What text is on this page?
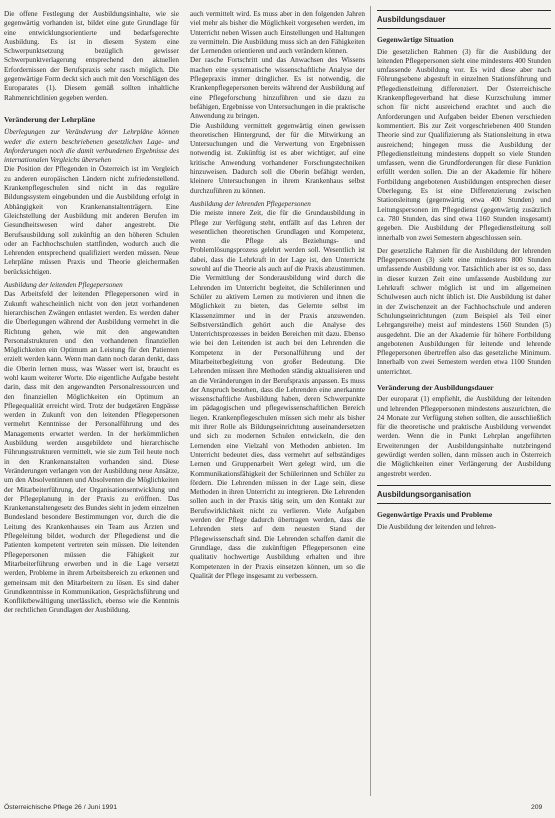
Die offene Festlegung der Ausbildungsinhalte, wie sie gegenwärtig vorhanden ist, bildet eine gute Grundlage für eine entwicklungsorientierte und bedarfsgerechte Ausbildung. Es ist in diesem System eine Schwerpunktsetzung bezüglich gewisser Schwerpunktverlagerung entsprechend den aktuellen Erfordernissen der Berufspraxis sehr rasch möglich. Die gegenwärtige Form deckt sich auch mit den Vorschlägen des Europarates (1). Diesem gemäß sollten inhaltliche Rahmenrichtlinien gegeben werden.

Veränderung der Lehrpläne

Überlegungen zur Veränderung der Lehrpläne können weder die extern beschriebenen gesetzlichen Lage- und Anforderungen noch die damit verbundenen Ergebnisse des internationalen Vergleichs übersehen

Die Position der Pflegenden in Österreich ist im Vergleich zu anderen europäischen Ländern nicht zufriedenstellend. Krankenpflegeschulen sind nicht in das reguläre Bildungssystem eingebunden und die Ausbildung erfolgt in Abhängigkeit von Krankenanstaltenträgern. Eine Gleichstellung der Ausbildung mit anderen Berufen im Gesundheitswesen wird daher angestrebt. Die Berufsausbildung soll zukünftig an den höheren Schulen oder an Fachhochschulen stattfinden, wodurch auch die Lehrenden entsprechend qualifiziert werden müssen. Neue Lehrpläne müssen Praxis und Theorie gleichermaßen berücksichtigen.

Ausbildung der leitenden Pflegepersonen

Das Arbeitsfeld der leitenden Pflegepersonen wird in Zukunft wahrscheinlich nicht von den jetzt vorhandenen hierarchischen Zwängen entlastet werden. Es werden daher die Überlegungen während der Ausbildung vermehrt in die Richtung gehen, wie mit den angewandten Personalstrukturen und den vorhandenen finanziellen Möglichkeiten ein Optimum an Leistung für den Patienten erzielt werden kann. Wenn man dann noch daran denkt, dass die Oberin lernen muss, was Wasser wert ist, braucht es wohl kaum weiterer Worte. Die eigentliche Aufgabe besteht darin, dass mit den angewandten Personalressourcen und den finanziellen Möglichkeiten ein Optimum an Pflegequalität erreicht wird. Trotz der budgetären Engpässe werden in Zukunft von den leitenden Pflegepersonen vermehrt Kenntnisse der Personalführung und des Managements erwartet werden. In der herkömmlichen Ausbildung werden ausgebildete und hierarchische Führungsstrukturen vermittelt, wie sie zum Teil heute noch in den Krankenanstalten vorhanden sind. Diese Veränderungen verlangen von der Ausbildung neue Ansätze, um den Absolventinnen und Absolventen die Möglichkeiten der Mitarbeiterführung, der Organisationsentwicklung und der Pflegeplanung in der Praxis zu eröffnen. Das Krankenanstaltengesetz des Bundes sieht in jedem einzelnen Bundesland besondere Bestimmungen vor, durch die die Leitung des Krankenhauses ein Team aus Ärzten und Pflegeleitung bildet, wodurch der Pflegedienst und die Patienten kompetent vertreten sein müssen. Die leitenden Pflegepersonen müssen die Fähigkeit zur Mitarbeiterführung erwerben und in die Lage versetzt werden, Probleme in ihrem Arbeitsbereich zu erkennen und gemeinsam mit den Mitarbeitern zu lösen. Es sind daher Grundkenntnisse in Kommunikation, Gesprächsführung und Konfliktbewältigung unerlässlich, ebenso wie die Kenntnis der rechtlichen Grundlagen der Ausbildung.

auch vermittelt wird. Es muss aber in den folgenden Jahren viel mehr als bisher die Möglichkeit vorgesehen werden, im Unterricht neben Wissen auch Einstellungen und Haltungen zu vermitteln. Die Ausbildung muss sich an den Fähigkeiten der Lernenden orientieren und auch verändern können.

Der rasche Fortschritt und das Anwachsen des Wissens machen eine systematische wissenschaftliche Analyse der Pflegepraxis immer dringlicher. Es ist notwendig, die Krankenpflegepersonen bereits während der Ausbildung auf eine Pflegeforschung hinzuführen und sie dazu zu befähigen, Ergebnisse von Untersuchungen in die praktische Anwendung zu bringen.

Die Ausbildung vermittelt gegenwärtig einen gewissen theoretischen Hintergrund, der für die Mitwirkung an Untersuchungen und die Verwertung von Ergebnissen notwendig ist. Zukünftig ist es aber wichtiger, auf eine kritische Anwendung vorhandener Forschungstechniken hinzuweisen. Dadurch soll die Oberin befähigt werden, kleinere Untersuchungen in ihrem Krankenhaus selbst durchzuführen zu können.

Ausbildung der lehrenden Pflegepersonen

Die meiste innere Zeit, die für die Grundausbildung in Pflege zur Verfügung steht, entfällt auf das Lehren der wesentlichen theoretischen Grundlagen und Kompetenz, wenn die Pflege als Beziehungs- und Problemlösungsprozess gelehrt werden soll. Wesentlich ist dabei, dass die Lehrkraft in der Lage ist, den Unterricht sowohl auf die Theorie als auch auf die Praxis abzustimmen. Die Vermittlung der Sonderausbildung wird durch die Lehrenden im Unterricht begleitet, die Schülerinnen und Schüler zu aktivem Lernen zu motivieren und ihnen die Möglichkeit zu bieten, das Gelernte selbst im Klassenzimmer und in der Praxis anzuwenden. Selbstverständlich gehört auch die Analyse des Unterrichtsprozesses in beiden Bereichen mit dazu. Ebenso wie bei den Leitenden ist auch bei den Lehrenden die Kompetenz in der Personalführung und der Mitarbeiterbegleitung von großer Bedeutung. Die Lehrenden müssen ihre Methoden ständig aktualisieren und an die Veränderungen in der Berufspraxis anpassen. Es muss der Anspruch bestehen, dass die Lehrenden eine anerkannte wissenschaftliche Ausbildung haben, deren Schwerpunkte im pädagogischen und pflegewissenschaftlichen Bereich liegen. Krankenpflegeschulen müssen sich mehr als bisher mit ihrer Rolle als Bildungseinrichtung auseinandersetzen und sich zu modernen Schulen entwickeln, die den Lernenden eine Vielzahl von Methoden anbieten. Im Unterricht bedeutet dies, dass vermehrt auf selbständiges Lernen und Gruppenarbeit Wert gelegt wird, um die Kommunikationsfähigkeit der Schülerinnen und Schüler zu fördern. Die Lehrenden müssen in der Lage sein, diese Methoden in ihren Unterricht zu integrieren. Die Lehrenden sollen auch in der Praxis tätig sein, um den Kontakt zur Berufswirklichkeit nicht zu verlieren. Viele Aufgaben werden der Pflege dadurch übertragen werden, dass die Lehrenden stets auf dem neuesten Stand der Pflegewissenschaft sind. Die Lehrenden schaffen damit die Grundlage, dass die zukünftigen Pflegepersonen eine qualitativ hochwertige Ausbildung erhalten und ihre Kompetenzen in der Praxis einsetzen können, um so die Qualität der Pflege insgesamt zu verbessern.

Ausbildungsdauer

Gegenwärtige Situation

Die gesetzlichen Rahmen (3) für die Ausbildung der leitenden Pflegepersonen sieht eine mindestens 400 Stunden umfassende Ausbildung vor. Es wird diese aber nach Föhrungsebene abgestuft in einzelnen Stationsführung und Pflegedienstleitung differenziert. Der Österreichische Krankenpflegeverband hat diese Kurzschulung immer schon für nicht ausreichend erachtet und auch die Anforderungen und Aufgaben beider Ebenen verschieden kommentiert. Bis zur Zeit vorgeschriebenen 400 Stunden Theorie sind zur Qualifizierung als Stationsleitung in etwa ausreichend; hingegen muss die Ausbildung der Pflegedienstleitung mindestens doppelt so viele Stunden umfassen, wenn die Grundforderungen für diese Funktion erfüllt werden sollen. Die an der Akademie für höhere Fortbildung angebotenen Ausbildungen entsprechen dieser Überlegung. Es ist eine Differenzierung zwischen Stationsleitung (gegenwärtig etwa 400 Stunden) und Leitungspersonen im Pflegedienst (gegenwärtig zusätzlich ca. 780 Stunden, das sind etwa 1160 Stunden insgesamt) gegeben. Die Ausbildung der Pflegedienstleitung soll innerhalb von zwei Semestern abgeschlossen sein.

Der gesetzliche Rahmen für die Ausbildung der lehrenden Pflegepersonen (3) sieht eine mindestens 800 Stunden umfassende Ausbildung vor. Tatsächlich aber ist es so, dass in dieser kurzen Zeit eine umfassende Ausbildung zur Lehrkraft schwer möglich ist und im allgemeinen Schulwesen auch nicht üblich ist. Die Ausbildung ist daher in der Zwischenzeit an der Fachhochschule und anderen Schulungseinrichtungen (zum Beispiel als Teil einer Lehrgangsreihe) meist auf mindestens 1560 Stunden (5) ausgedehnt. Die an der Akademie für höhere Fortbildung angebotenen Ausbildungen für leitende und lehrende Pflegepersonen übertreffen also das gesetzliche Minimum. Innerhalb von zwei Semestern werden etwa 1100 Stunden unterrichtet.

Veränderung der Ausbildungsdauer

Der europarat (1) empfiehlt, die Ausbildung der leitenden und lehrenden Pflegepersonen mindestens auszurichten, die 24 Monate zur Verfügung stehen sollten, die ausschließlich für die theoretische und praktische Ausbildung verwendet werden. Wenn die in Punkt Lehrplan angeführten Erweiterungen der Ausbildungsinhalte nutzbringend gewürdigt werden sollen, dann müssen auch in Österreich die Möglichkeiten einer Verlängerung der Ausbildung angestrebt werden.

Ausbildungsorganisation

Gegenwärtige Praxis und Probleme

Die Ausbildung der leitenden und lehren-

Österreichische Pflege 26 / Juni 1991	209
